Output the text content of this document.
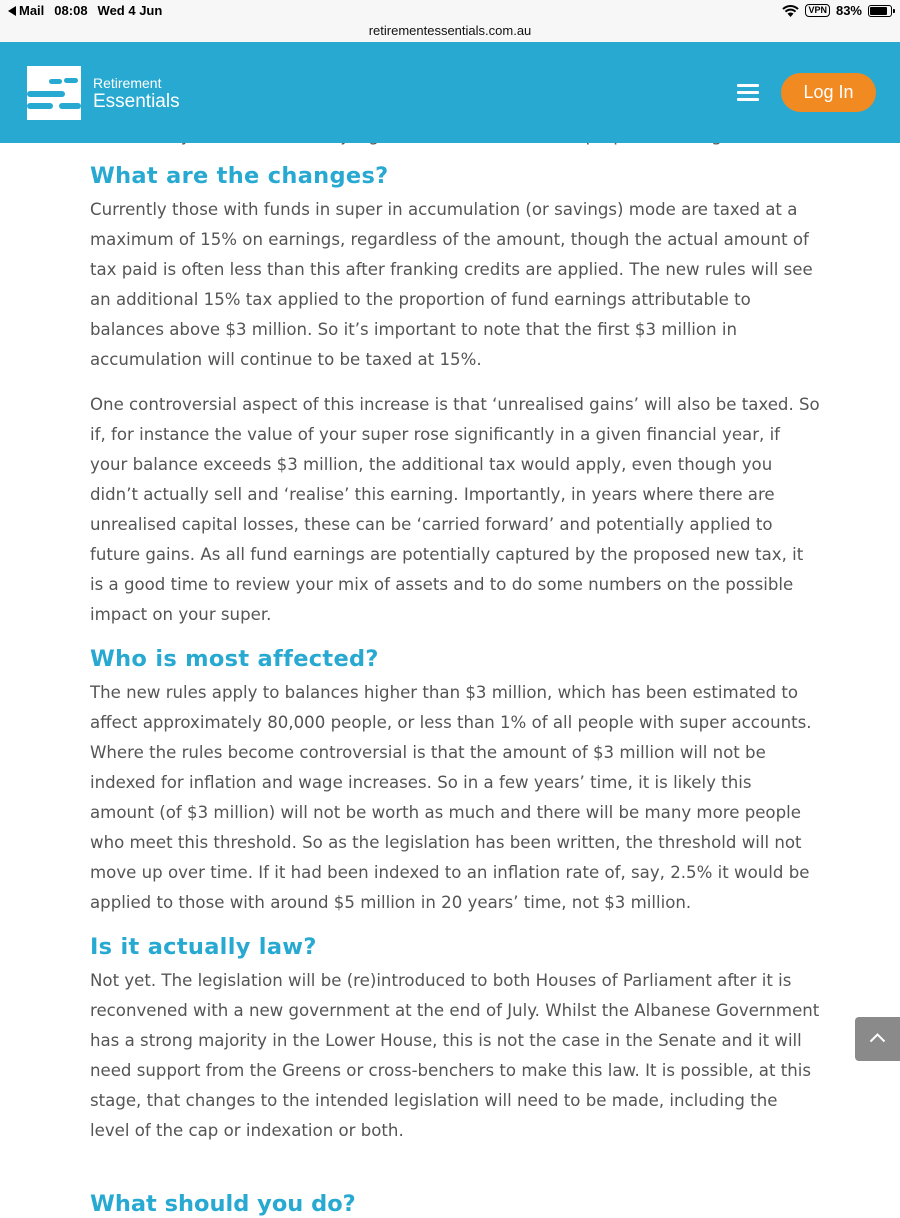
Mail 08:08 Wed 4 Jun	VPN 83%
retirementessentials.com.au
Retirement
Essentials	Log In
What are the changes?

Currently those with funds in super in accumulation (or savings) mode are taxed at a maximum of 15% on earnings, regardless of the amount, though the actual amount of tax paid is often less than this after franking credits are applied. The new rules will see an additional 15% tax applied to the proportion of fund earnings attributable to balances above $3 million. So it’s important to note that the first $3 million in accumulation will continue to be taxed at 15%.

One controversial aspect of this increase is that ‘unrealised gains’ will also be taxed. So if, for instance the value of your super rose significantly in a given financial year, if your balance exceeds $3 million, the additional tax would apply, even though you didn’t actually sell and ‘realise’ this earning. Importantly, in years where there are unrealised capital losses, these can be ‘carried forward’ and potentially applied to future gains. As all fund earnings are potentially captured by the proposed new tax, it is a good time to review your mix of assets and to do some numbers on the possible impact on your super.

Who is most affected?

The new rules apply to balances higher than $3 million, which has been estimated to affect approximately 80,000 people, or less than 1% of all people with super accounts. Where the rules become controversial is that the amount of $3 million will not be indexed for inflation and wage increases. So in a few years’ time, it is likely this amount (of $3 million) will not be worth as much and there will be many more people who meet this threshold. So as the legislation has been written, the threshold will not move up over time. If it had been indexed to an inflation rate of, say, 2.5% it would be applied to those with around $5 million in 20 years’ time, not $3 million.

Is it actually law?

Not yet. The legislation will be (re)introduced to both Houses of Parliament after it is reconvened with a new government at the end of July. Whilst the Albanese Government has a strong majority in the Lower House, this is not the case in the Senate and it will need support from the Greens or cross-benchers to make this law. It is possible, at this stage, that changes to the intended legislation will need to be made, including the level of the cap or indexation or both.

What should you do?
